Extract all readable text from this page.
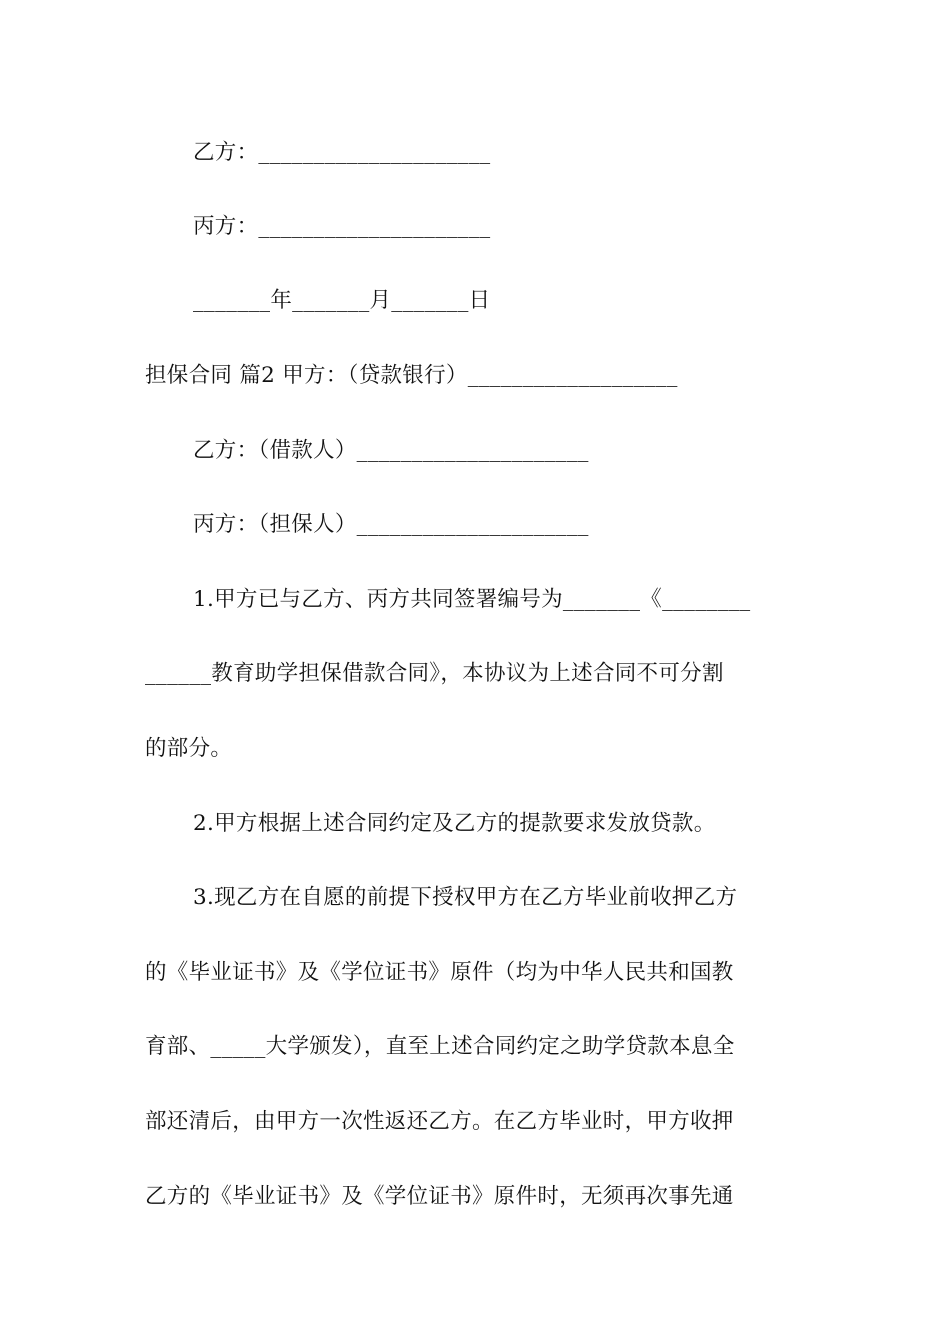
乙方：_____________________
丙方：_____________________
_______年_______月_______日
担保合同 篇2 甲方：（贷款银行）___________________
乙方：（借款人）_____________________
丙方：（担保人）_____________________
1.甲方已与乙方、丙方共同签署编号为_______《________
______教育助学担保借款合同》，本协议为上述合同不可分割
的部分。
2.甲方根据上述合同约定及乙方的提款要求发放贷款。
3.现乙方在自愿的前提下授权甲方在乙方毕业前收押乙方
的《毕业证书》及《学位证书》原件（均为中华人民共和国教
育部、_____大学颁发），直至上述合同约定之助学贷款本息全
部还清后，由甲方一次性返还乙方。在乙方毕业时，甲方收押
乙方的《毕业证书》及《学位证书》原件时，无须再次事先通
